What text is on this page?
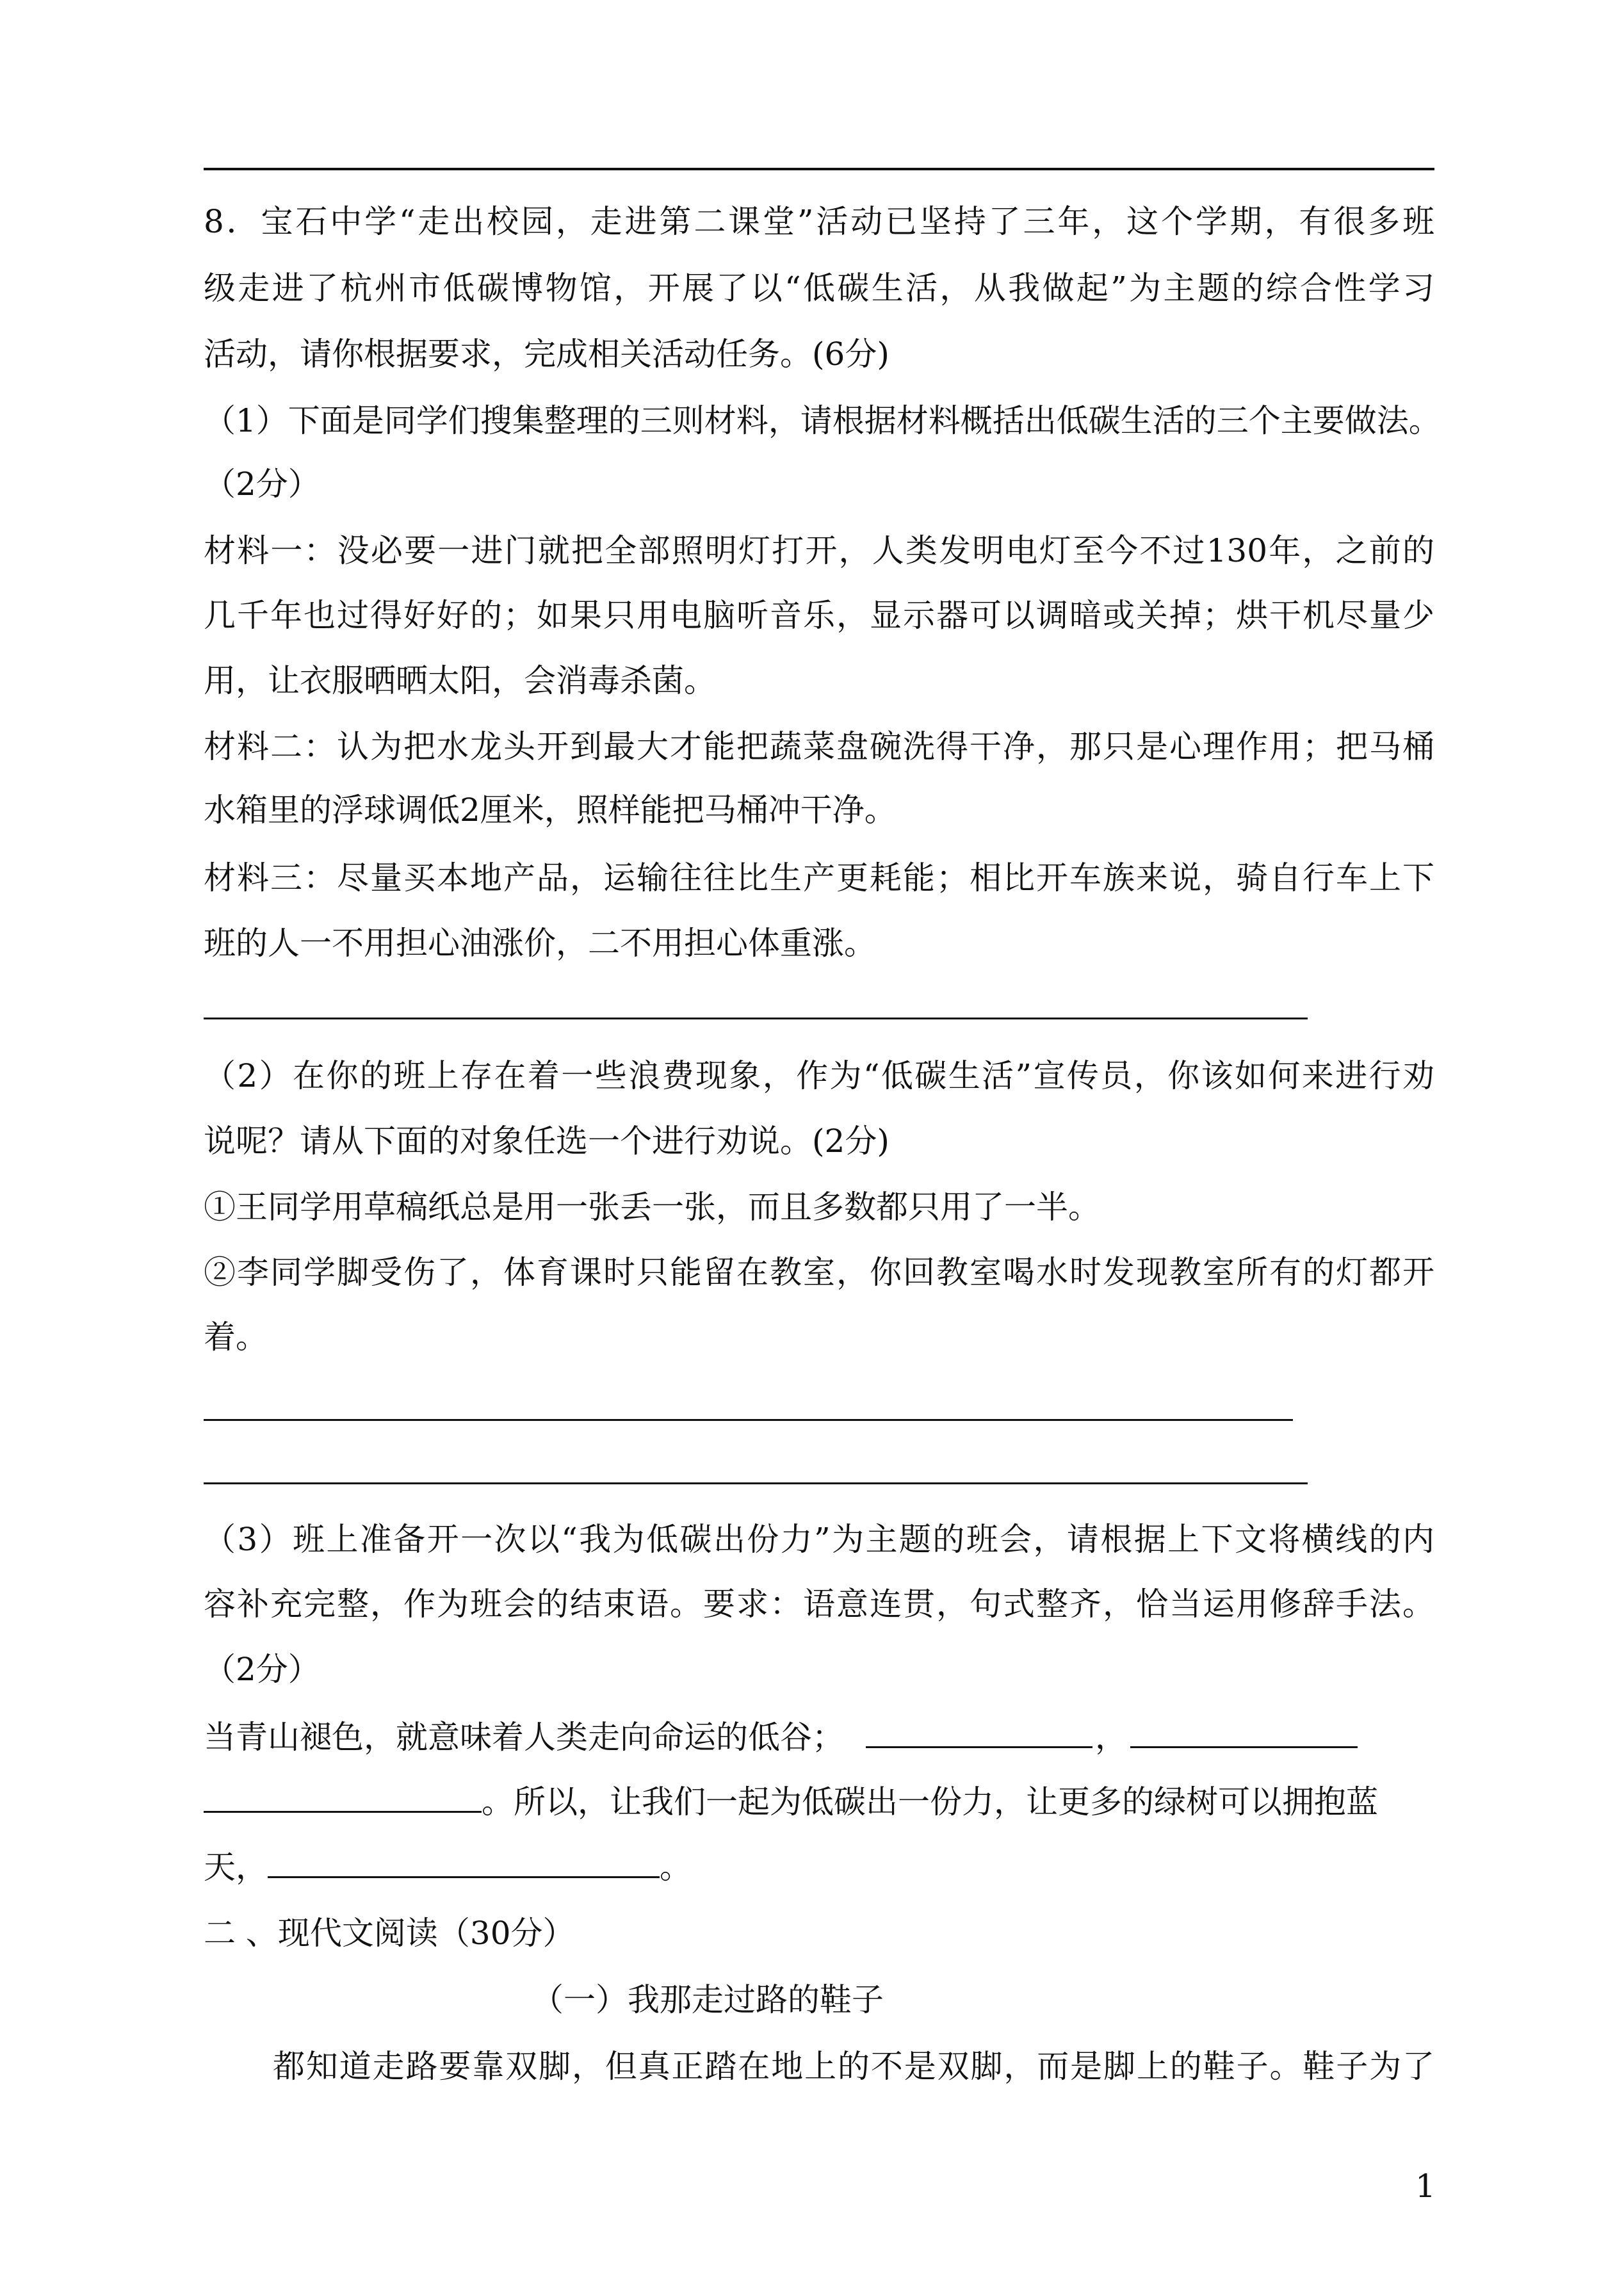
8．宝石中学“走出校园，走进第二课堂”活动已坚持了三年，这个学期，有很多班
级走进了杭州市低碳博物馆，开展了以“低碳生活，从我做起”为主题的综合性学习
活动，请你根据要求，完成相关活动任务。(6分)
（1）下面是同学们搜集整理的三则材料，请根据材料概括出低碳生活的三个主要做法。
（2分）
材料一：没必要一进门就把全部照明灯打开，人类发明电灯至今不过130年，之前的
几千年也过得好好的；如果只用电脑听音乐，显示器可以调暗或关掉；烘干机尽量少
用，让衣服晒晒太阳，会消毒杀菌。
材料二：认为把水龙头开到最大才能把蔬菜盘碗洗得干净，那只是心理作用；把马桶
水箱里的浮球调低2厘米，照样能把马桶冲干净。
材料三：尽量买本地产品，运输往往比生产更耗能；相比开车族来说，骑自行车上下
班的人一不用担心油涨价，二不用担心体重涨。
（2）在你的班上存在着一些浪费现象，作为“低碳生活”宣传员，你该如何来进行劝
说呢？请从下面的对象任选一个进行劝说。(2分)
①王同学用草稿纸总是用一张丢一张，而且多数都只用了一半。
②李同学脚受伤了，体育课时只能留在教室，你回教室喝水时发现教室所有的灯都开
着。
（3）班上准备开一次以“我为低碳出份力”为主题的班会，请根据上下文将横线的内
容补充完整，作为班会的结束语。要求：语意连贯，句式整齐，恰当运用修辞手法。
（2分）
当青山褪色，就意味着人类走向命运的低谷；	，
。所以，让我们一起为低碳出一份力，让更多的绿树可以拥抱蓝
天，	。
二 、现代文阅读（30分）
（一）我那走过路的鞋子
都知道走路要靠双脚，但真正踏在地上的不是双脚，而是脚上的鞋子。鞋子为了
1
